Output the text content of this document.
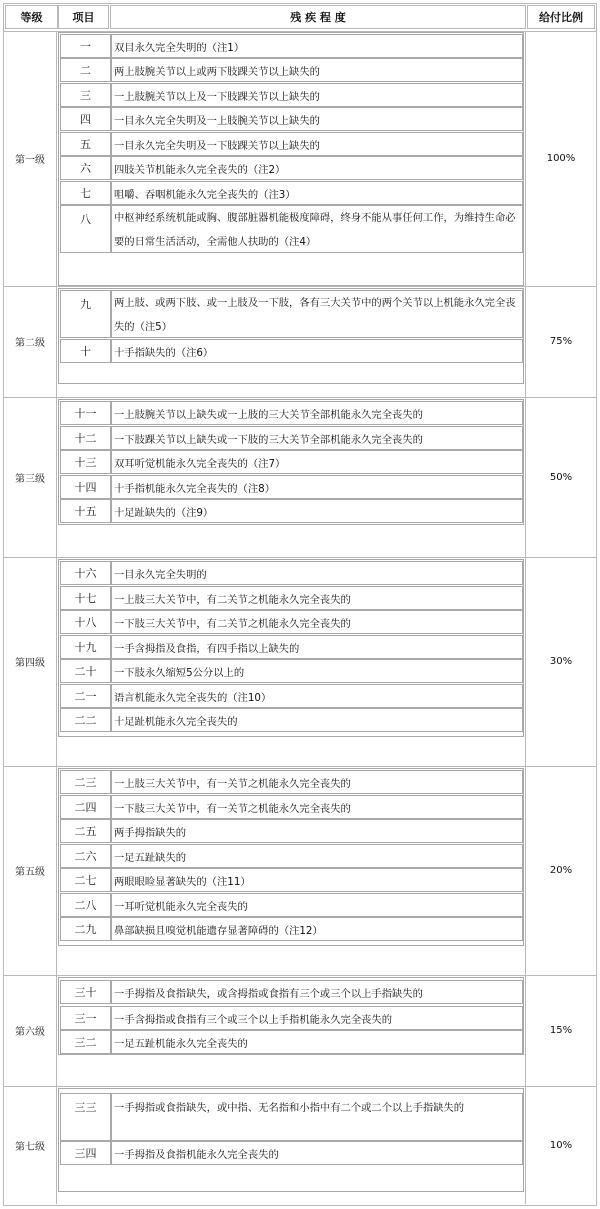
等级	项目	残 疾 程 度	给付比例
第一级	100%
一	双目永久完全失明的（注1）
二	两上肢腕关节以上或两下肢踝关节以上缺失的
三	一上肢腕关节以上及一下肢踝关节以上缺失的
四	一目永久完全失明及一上肢腕关节以上缺失的
五	一目永久完全失明及一下肢踝关节以上缺失的
六	四肢关节机能永久完全丧失的（注2）
七	咀嚼、吞咽机能永久完全丧失的（注3）
八	中枢神经系统机能或胸、腹部脏器机能极度障碍，终身不能从事任何工作，为维持生命必要的日常生活活动，全需他人扶助的（注4）
第二级	75%
九	两上肢、或两下肢、或一上肢及一下肢，各有三大关节中的两个关节以上机能永久完全丧失的（注5）
十	十手指缺失的（注6）
第三级	50%
十一	一上肢腕关节以上缺失或一上肢的三大关节全部机能永久完全丧失的
十二	一下肢踝关节以上缺失或一下肢的三大关节全部机能永久完全丧失的
十三	双耳听觉机能永久完全丧失的（注7）
十四	十手指机能永久完全丧失的（注8）
十五	十足趾缺失的（注9）
第四级	30%
十六	一目永久完全失明的
十七	一上肢三大关节中，有二关节之机能永久完全丧失的
十八	一下肢三大关节中，有二关节之机能永久完全丧失的
十九	一手含拇指及食指，有四手指以上缺失的
二十	一下肢永久缩短5公分以上的
二一	语言机能永久完全丧失的（注10）
二二	十足趾机能永久完全丧失的
第五级	20%
二三	一上肢三大关节中，有一关节之机能永久完全丧失的
二四	一下肢三大关节中，有一关节之机能永久完全丧失的
二五	两手拇指缺失的
二六	一足五趾缺失的
二七	两眼眼睑显著缺失的（注11）
二八	一耳听觉机能永久完全丧失的
二九	鼻部缺损且嗅觉机能遗存显著障碍的（注12）
第六级	15%
三十	一手拇指及食指缺失，或含拇指或食指有三个或三个以上手指缺失的
三一	一手含拇指或食指有三个或三个以上手指机能永久完全丧失的
三二	一足五趾机能永久完全丧失的
第七级	10%
三三	一手拇指或食指缺失，或中指、无名指和小指中有二个或二个以上手指缺失的
三四	一手拇指及食指机能永久完全丧失的
